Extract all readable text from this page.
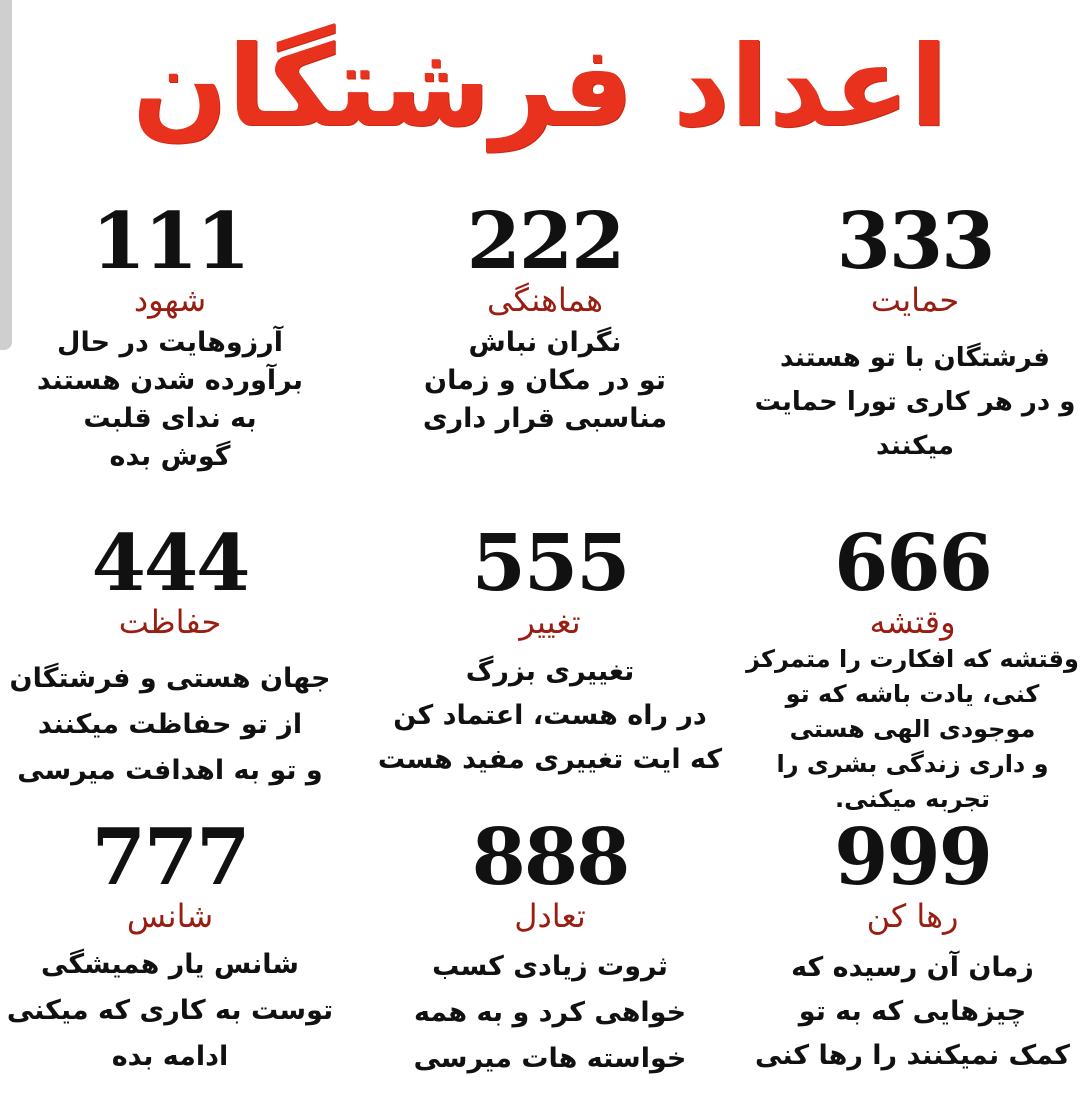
اعداد فرشتگان
333
حمایت
فرشتگان با تو هستند
و در هر کاری تورا حمایت
میکنند
222
هماهنگی
نگران نباش
تو در مکان و زمان
مناسبی قرار داری
111
شهود
آرزوهایت در حال
برآورده شدن هستند
به ندای قلبت
گوش بده
666
وقتشه
وقتشه که افکارت را متمرکز
کنی، یادت باشه که تو
موجودی الهی هستی
و داری زندگی بشری را
تجربه میکنی.
555
تغییر
تغییری بزرگ
در راه هست، اعتماد کن
که ایت تغییری مفید هست
444
حفاظت
جهان هستی و فرشتگان
از تو حفاظت میکنند
و تو به اهدافت میرسی
999
رها کن
زمان آن رسیده که
چیزهایی که به تو
کمک نمیکنند را رها کنی
888
تعادل
ثروت زیادی کسب
خواهی کرد و به همه
خواسته هات میرسی
777
شانس
شانس یار همیشگی
توست به کاری که میکنی
ادامه بده
